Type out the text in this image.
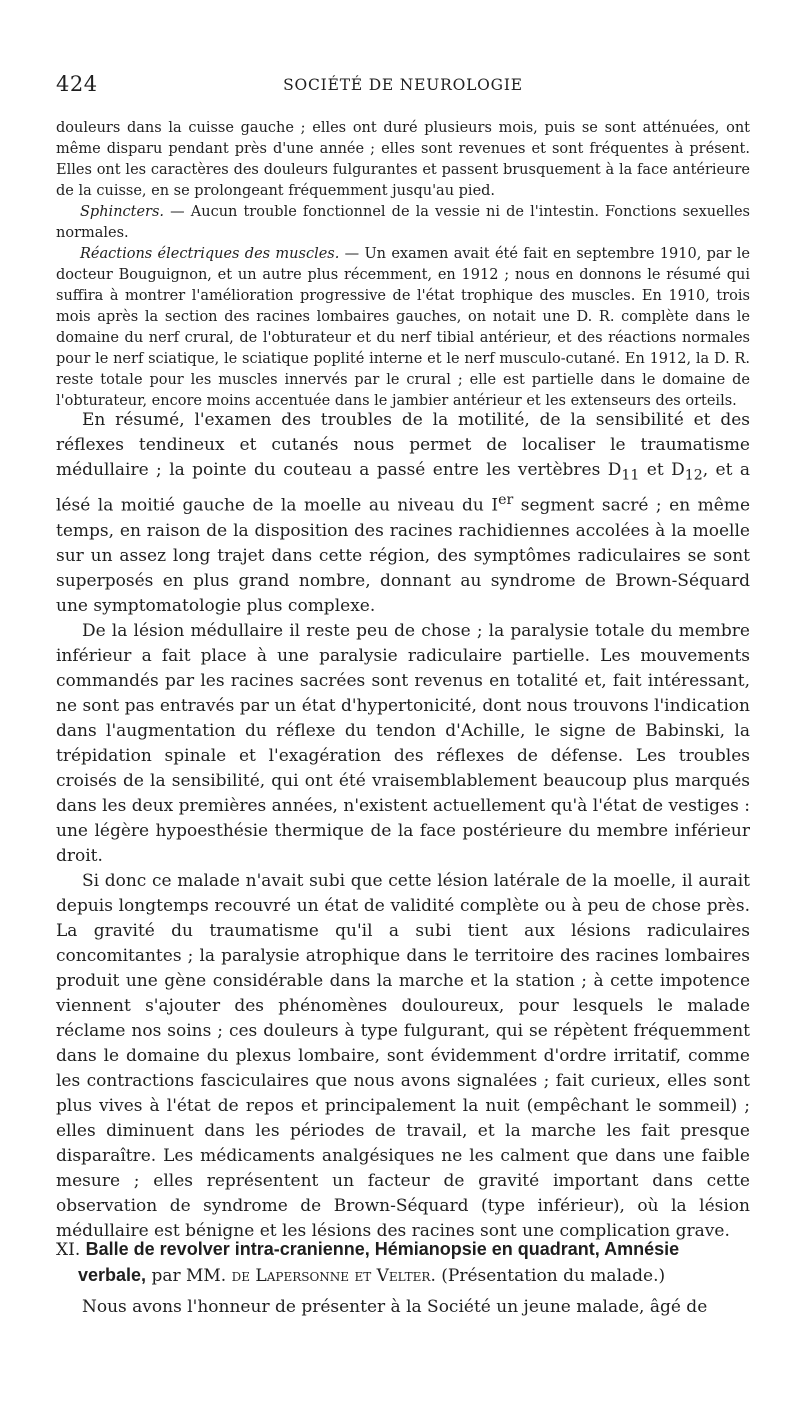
424	SOCIÉTÉ DE NEUROLOGIE

douleurs dans la cuisse gauche ; elles ont duré plusieurs mois, puis se sont atténuées, ont même disparu pendant près d'une année ; elles sont revenues et sont fréquentes à présent. Elles ont les caractères des douleurs fulgurantes et passent brusquement à la face antérieure de la cuisse, en se prolongeant fréquemment jusqu'au pied.

Sphincters. — Aucun trouble fonctionnel de la vessie ni de l'intestin. Fonctions sexuelles normales.

Réactions électriques des muscles. — Un examen avait été fait en septembre 1910, par le docteur Bouguignon, et un autre plus récemment, en 1912 ; nous en donnons le résumé qui suffira à montrer l'amélioration progressive de l'état trophique des muscles. En 1910, trois mois après la section des racines lombaires gauches, on notait une D. R. complète dans le domaine du nerf crural, de l'obturateur et du nerf tibial antérieur, et des réactions normales pour le nerf sciatique, le sciatique poplité interne et le nerf musculo-cutané. En 1912, la D. R. reste totale pour les muscles innervés par le crural ; elle est partielle dans le domaine de l'obturateur, encore moins accentuée dans le jambier antérieur et les extenseurs des orteils.

En résumé, l'examen des troubles de la motilité, de la sensibilité et des réflexes tendineux et cutanés nous permet de localiser le traumatisme médullaire ; la pointe du couteau a passé entre les vertèbres $D_{11}$ et $D_{12}$, et a lésé la moitié gauche de la moelle au niveau du Ier segment sacré ; en même temps, en raison de la disposition des racines rachidiennes accolées à la moelle sur un assez long trajet dans cette région, des symptômes radiculaires se sont superposés en plus grand nombre, donnant au syndrome de Brown-Séquard une symptomatologie plus complexe.

De la lésion médullaire il reste peu de chose ; la paralysie totale du membre inférieur a fait place à une paralysie radiculaire partielle. Les mouvements commandés par les racines sacrées sont revenus en totalité et, fait intéressant, ne sont pas entravés par un état d'hypertonicité, dont nous trouvons l'indication dans l'augmentation du réflexe du tendon d'Achille, le signe de Babinski, la trépidation spinale et l'exagération des réflexes de défense. Les troubles croisés de la sensibilité, qui ont été vraisemblablement beaucoup plus marqués dans les deux premières années, n'existent actuellement qu'à l'état de vestiges : une légère hypoesthésie thermique de la face postérieure du membre inférieur droit.

Si donc ce malade n'avait subi que cette lésion latérale de la moelle, il aurait depuis longtemps recouvré un état de validité complète ou à peu de chose près. La gravité du traumatisme qu'il a subi tient aux lésions radiculaires concomitantes ; la paralysie atrophique dans le territoire des racines lombaires produit une gène considérable dans la marche et la station ; à cette impotence viennent s'ajouter des phénomènes douloureux, pour lesquels le malade réclame nos soins ; ces douleurs à type fulgurant, qui se répètent fréquemment dans le domaine du plexus lombaire, sont évidemment d'ordre irritatif, comme les contractions fasciculaires que nous avons signalées ; fait curieux, elles sont plus vives à l'état de repos et principalement la nuit (empêchant le sommeil) ; elles diminuent dans les périodes de travail, et la marche les fait presque disparaître. Les médicaments analgésiques ne les calment que dans une faible mesure ; elles représentent un facteur de gravité important dans cette observation de syndrome de Brown-Séquard (type inférieur), où la lésion médullaire est bénigne et les lésions des racines sont une complication grave.

XI. Balle de revolver intra-cranienne, Hémianopsie en quadrant, Amnésie verbale, par MM. de Lapersonne et Velter. (Présentation du malade.)

Nous avons l'honneur de présenter à la Société un jeune malade, âgé de
